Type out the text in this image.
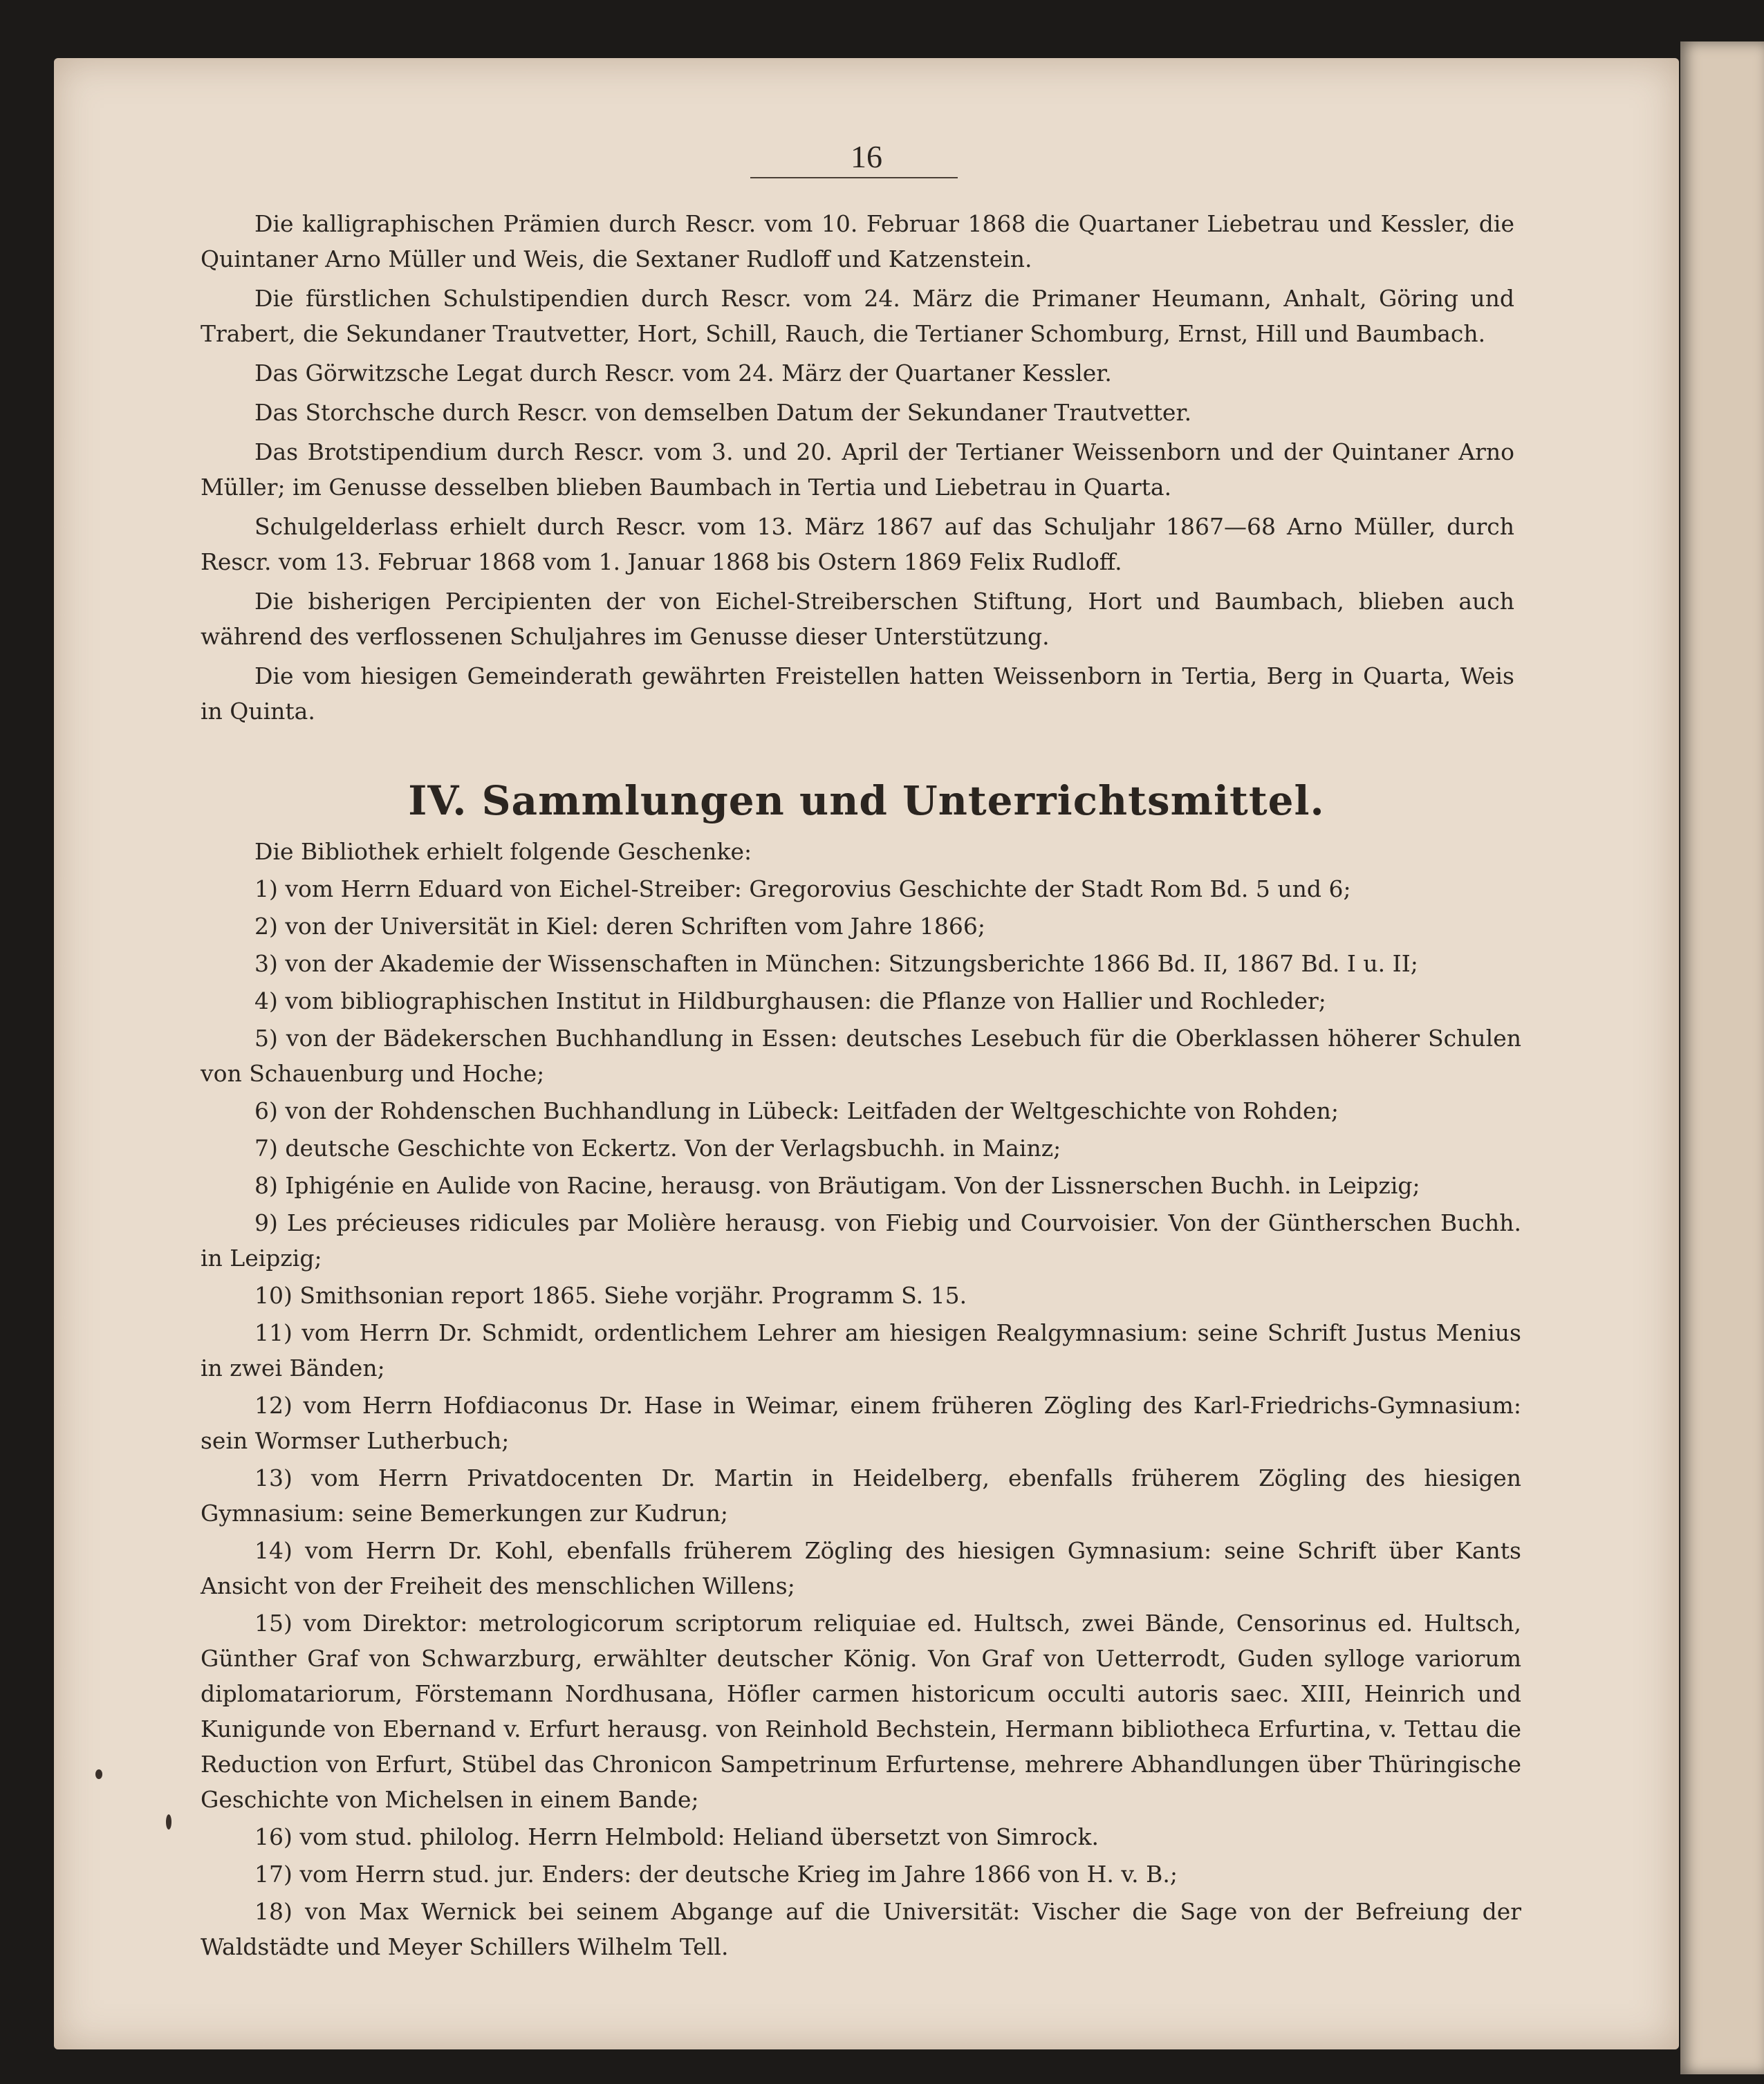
16

Die kalligraphischen Prämien durch Rescr. vom 10. Februar 1868 die Quartaner Liebetrau und Kessler, die Quintaner Arno Müller und Weis, die Sextaner Rudloff und Katzenstein.

Die fürstlichen Schulstipendien durch Rescr. vom 24. März die Primaner Heumann, Anhalt, Göring und Trabert, die Sekundaner Trautvetter, Hort, Schill, Rauch, die Tertianer Schomburg, Ernst, Hill und Baumbach.

Das Görwitzsche Legat durch Rescr. vom 24. März der Quartaner Kessler.

Das Storchsche durch Rescr. von demselben Datum der Sekundaner Trautvetter.

Das Brotstipendium durch Rescr. vom 3. und 20. April der Tertianer Weissenborn und der Quintaner Arno Müller; im Genusse desselben blieben Baumbach in Tertia und Liebetrau in Quarta.

Schulgelderlass erhielt durch Rescr. vom 13. März 1867 auf das Schuljahr 1867—68 Arno Müller, durch Rescr. vom 13. Februar 1868 vom 1. Januar 1868 bis Ostern 1869 Felix Rudloff.

Die bisherigen Percipienten der von Eichel-Streiberschen Stiftung, Hort und Baumbach, blieben auch während des verflossenen Schuljahres im Genusse dieser Unterstützung.

Die vom hiesigen Gemeinderath gewährten Freistellen hatten Weissenborn in Tertia, Berg in Quarta, Weis in Quinta.

IV. Sammlungen und Unterrichtsmittel.

Die Bibliothek erhielt folgende Geschenke:

1) vom Herrn Eduard von Eichel-Streiber: Gregorovius Geschichte der Stadt Rom Bd. 5 und 6;

2) von der Universität in Kiel: deren Schriften vom Jahre 1866;

3) von der Akademie der Wissenschaften in München: Sitzungsberichte 1866 Bd. II, 1867 Bd. I u. II;

4) vom bibliographischen Institut in Hildburghausen: die Pflanze von Hallier und Rochleder;

5) von der Bädekerschen Buchhandlung in Essen: deutsches Lesebuch für die Oberklassen höherer Schulen von Schauenburg und Hoche;

6) von der Rohdenschen Buchhandlung in Lübeck: Leitfaden der Weltgeschichte von Rohden;

7) deutsche Geschichte von Eckertz. Von der Verlagsbuchh. in Mainz;

8) Iphigénie en Aulide von Racine, herausg. von Bräutigam. Von der Lissnerschen Buchh. in Leipzig;

9) Les précieuses ridicules par Molière herausg. von Fiebig und Courvoisier. Von der Güntherschen Buchh. in Leipzig;

10) Smithsonian report 1865. Siehe vorjähr. Programm S. 15.

11) vom Herrn Dr. Schmidt, ordentlichem Lehrer am hiesigen Realgymnasium: seine Schrift Justus Menius in zwei Bänden;

12) vom Herrn Hofdiaconus Dr. Hase in Weimar, einem früheren Zögling des Karl-Friedrichs-Gymnasium: sein Wormser Lutherbuch;

13) vom Herrn Privatdocenten Dr. Martin in Heidelberg, ebenfalls früherem Zögling des hiesigen Gymnasium: seine Bemerkungen zur Kudrun;

14) vom Herrn Dr. Kohl, ebenfalls früherem Zögling des hiesigen Gymnasium: seine Schrift über Kants Ansicht von der Freiheit des menschlichen Willens;

15) vom Direktor: metrologicorum scriptorum reliquiae ed. Hultsch, zwei Bände, Censorinus ed. Hultsch, Günther Graf von Schwarzburg, erwählter deutscher König. Von Graf von Uetterrodt, Guden sylloge variorum diplomatariorum, Förstemann Nordhusana, Höfler carmen historicum occulti autoris saec. XIII, Heinrich und Kunigunde von Ebernand v. Erfurt herausg. von Reinhold Bechstein, Hermann bibliotheca Erfurtina, v. Tettau die Reduction von Erfurt, Stübel das Chronicon Sampetrinum Erfurtense, mehrere Abhandlungen über Thüringische Geschichte von Michelsen in einem Bande;

16) vom stud. philolog. Herrn Helmbold: Heliand übersetzt von Simrock.

17) vom Herrn stud. jur. Enders: der deutsche Krieg im Jahre 1866 von H. v. B.;

18) von Max Wernick bei seinem Abgange auf die Universität: Vischer die Sage von der Befreiung der Waldstädte und Meyer Schillers Wilhelm Tell.
